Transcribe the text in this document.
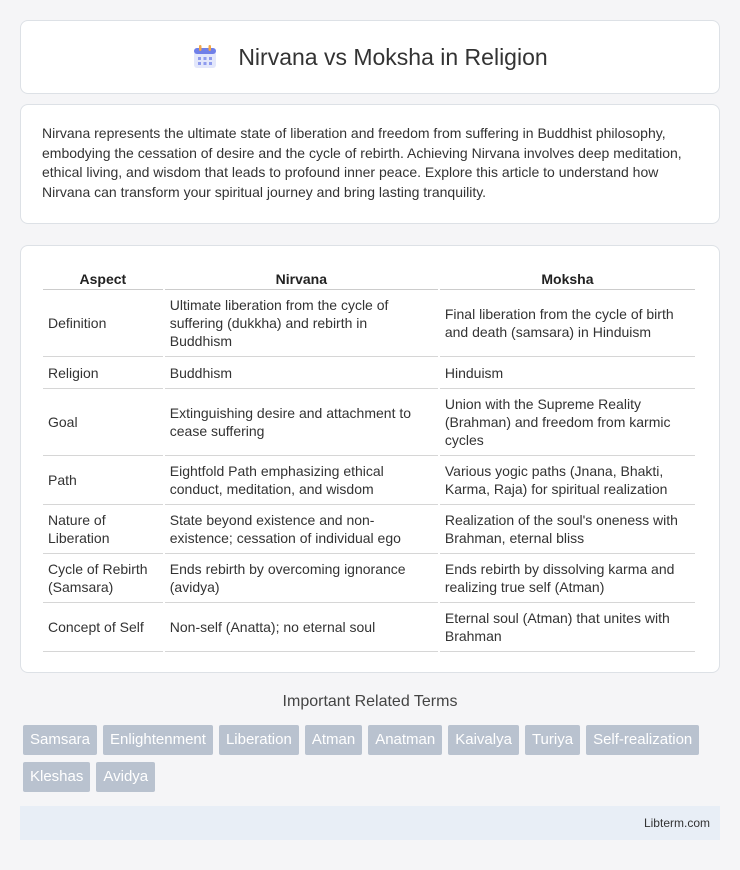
Nirvana vs Moksha in Religion

Nirvana represents the ultimate state of liberation and freedom from suffering in Buddhist philosophy, embodying the cessation of desire and the cycle of rebirth. Achieving Nirvana involves deep meditation, ethical living, and wisdom that leads to profound inner peace. Explore this article to understand how Nirvana can transform your spiritual journey and bring lasting tranquility.

Aspect	Nirvana	Moksha
Definition	Ultimate liberation from the cycle of suffering (dukkha) and rebirth in Buddhism	Final liberation from the cycle of birth and death (samsara) in Hinduism
Religion	Buddhism	Hinduism
Goal	Extinguishing desire and attachment to cease suffering	Union with the Supreme Reality (Brahman) and freedom from karmic cycles
Path	Eightfold Path emphasizing ethical conduct, meditation, and wisdom	Various yogic paths (Jnana, Bhakti, Karma, Raja) for spiritual realization
Nature of Liberation	State beyond existence and non-existence; cessation of individual ego	Realization of the soul's oneness with Brahman, eternal bliss
Cycle of Rebirth (Samsara)	Ends rebirth by overcoming ignorance (avidya)	Ends rebirth by dissolving karma and realizing true self (Atman)
Concept of Self	Non-self (Anatta); no eternal soul	Eternal soul (Atman) that unites with Brahman
Important Related Terms
Samsara	Enlightenment	Liberation	Atman	Anatman	Kaivalya	Turiya	Self-realization
Kleshas	Avidya
Libterm.com
